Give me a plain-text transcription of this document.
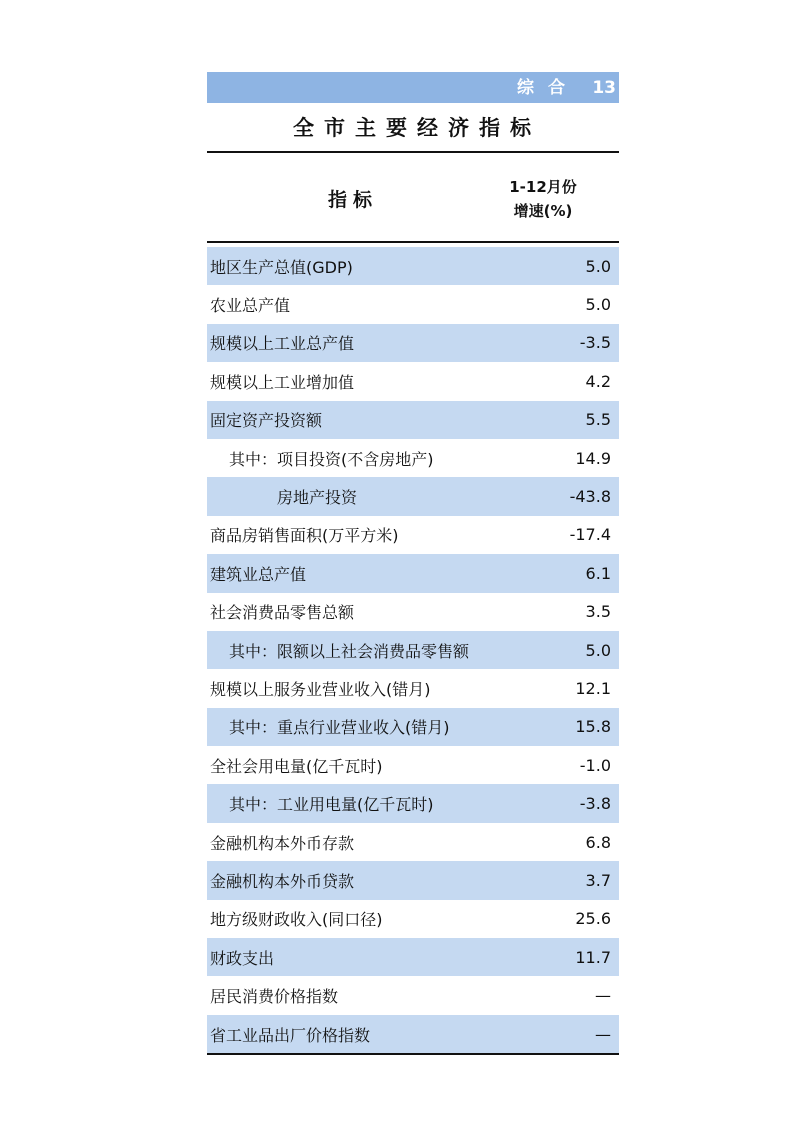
综合 13
全市主要经济指标
指标
1-12月份
增速(%)
地区生产总值(GDP)	5.0
农业总产值	5.0
规模以上工业总产值	-3.5
规模以上工业增加值	4.2
固定资产投资额	5.5
其中：项目投资(不含房地产)	14.9
房地产投资	-43.8
商品房销售面积(万平方米)	-17.4
建筑业总产值	6.1
社会消费品零售总额	3.5
其中：限额以上社会消费品零售额	5.0
规模以上服务业营业收入(错月)	12.1
其中：重点行业营业收入(错月)	15.8
全社会用电量(亿千瓦时)	-1.0
其中：工业用电量(亿千瓦时)	-3.8
金融机构本外币存款	6.8
金融机构本外币贷款	3.7
地方级财政收入(同口径)	25.6
财政支出	11.7
居民消费价格指数	—
省工业品出厂价格指数	—
